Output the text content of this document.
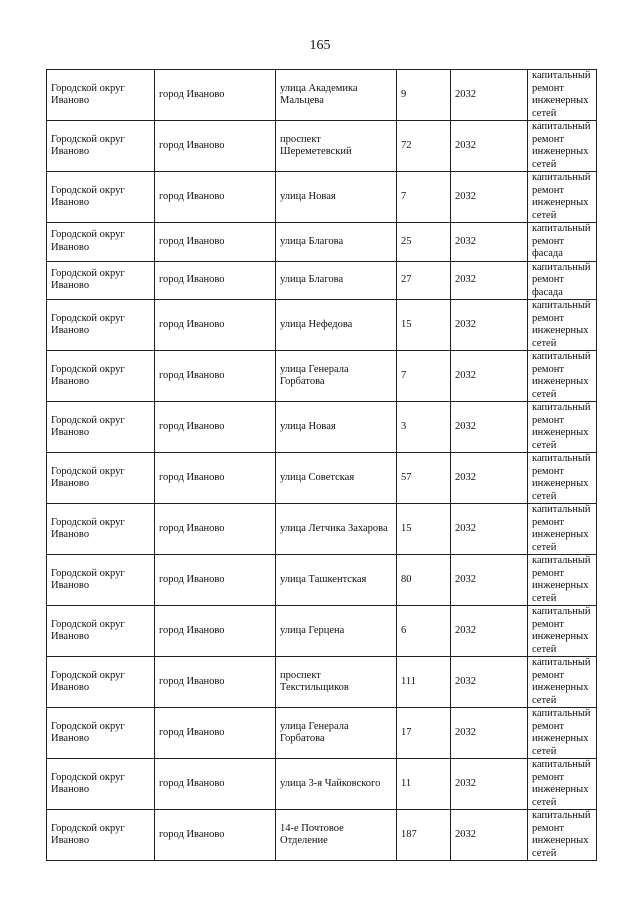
165
Городской округ Иваново	город Иваново	улица Академика Мальцева	9	2032	капитальный ремонт инженерных сетей
Городской округ Иваново	город Иваново	проспект Шереметевский	72	2032	капитальный ремонт инженерных сетей
Городской округ Иваново	город Иваново	улица Новая	7	2032	капитальный ремонт инженерных сетей
Городской округ Иваново	город Иваново	улица Благова	25	2032	капитальный ремонт фасада
Городской округ Иваново	город Иваново	улица Благова	27	2032	капитальный ремонт фасада
Городской округ Иваново	город Иваново	улица Нефедова	15	2032	капитальный ремонт инженерных сетей
Городской округ Иваново	город Иваново	улица Генерала Горбатова	7	2032	капитальный ремонт инженерных сетей
Городской округ Иваново	город Иваново	улица Новая	3	2032	капитальный ремонт инженерных сетей
Городской округ Иваново	город Иваново	улица Советская	57	2032	капитальный ремонт инженерных сетей
Городской округ Иваново	город Иваново	улица Летчика Захарова	15	2032	капитальный ремонт инженерных сетей
Городской округ Иваново	город Иваново	улица Ташкентская	80	2032	капитальный ремонт инженерных сетей
Городской округ Иваново	город Иваново	улица Герцена	6	2032	капитальный ремонт инженерных сетей
Городской округ Иваново	город Иваново	проспект Текстильщиков	111	2032	капитальный ремонт инженерных сетей
Городской округ Иваново	город Иваново	улица Генерала Горбатова	17	2032	капитальный ремонт инженерных сетей
Городской округ Иваново	город Иваново	улица 3-я Чайковского	11	2032	капитальный ремонт инженерных сетей
Городской округ Иваново	город Иваново	14-е Почтовое Отделение	187	2032	капитальный ремонт инженерных сетей
